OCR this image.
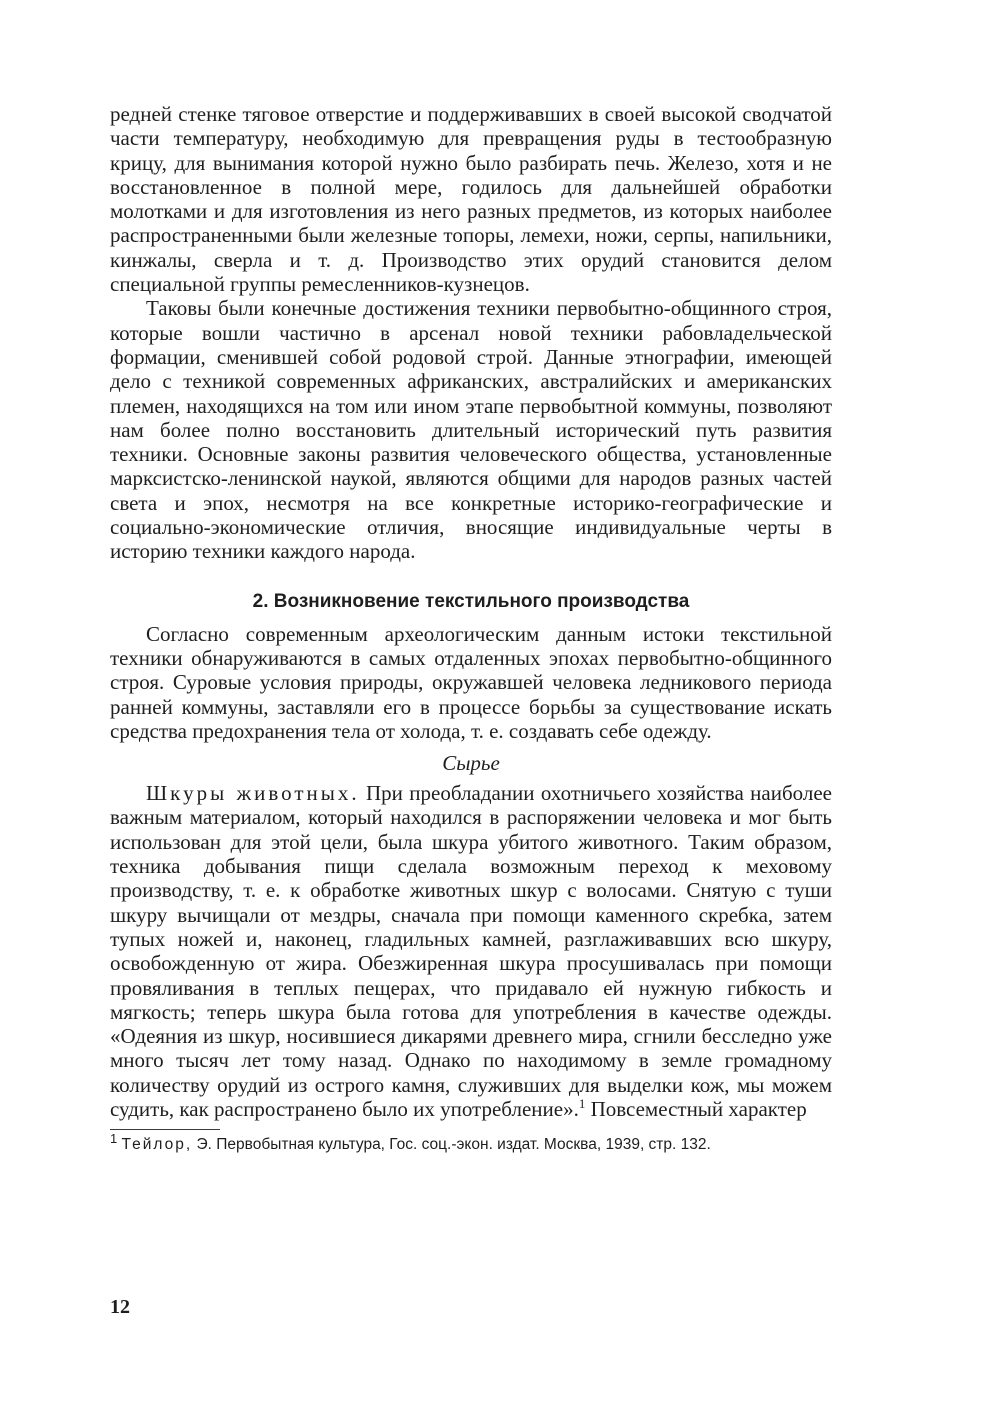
редней стенке тяговое отверстие и поддерживавших в своей высокой сводчатой части температуру, необходимую для превращения руды в тестообразную крицу, для вынимания которой нужно было разбирать печь. Железо, хотя и не восстановленное в полной мере, годилось для дальнейшей обработки молотками и для изготовления из него разных предметов, из которых наиболее распространенными были железные топоры, лемехи, ножи, серпы, напильники, кинжалы, сверла и т. д. Производство этих орудий становится делом специальной группы ремесленников-кузнецов.

Таковы были конечные достижения техники первобытно-общинного строя, которые вошли частично в арсенал новой техники рабовладельческой формации, сменившей собой родовой строй. Данные этнографии, имеющей дело с техникой современных африканских, австралийских и американских племен, находящихся на том или ином этапе первобытной коммуны, позволяют нам более полно восстановить длительный исторический путь развития техники. Основные законы развития человеческого общества, установленные марксистско-ленинской наукой, являются общими для народов разных частей света и эпох, несмотря на все конкретные историко-географические и социально-экономические отличия, вносящие индивидуальные черты в историю техники каждого народа.

2. Возникновение текстильного производства

Согласно современным археологическим данным истоки текстильной техники обнаруживаются в самых отдаленных эпохах первобытно-общинного строя. Суровые условия природы, окружавшей человека ледникового периода ранней коммуны, заставляли его в процессе борьбы за существование искать средства предохранения тела от холода, т. е. создавать себе одежду.

Сырье

Шкуры животных. При преобладании охотничьего хозяйства наиболее важным материалом, который находился в распоряжении человека и мог быть использован для этой цели, была шкура убитого животного. Таким образом, техника добывания пищи сделала возможным переход к меховому производству, т. е. к обработке животных шкур с волосами. Снятую с туши шкуру вычищали от мездры, сначала при помощи каменного скребка, затем тупых ножей и, наконец, гладильных камней, разглаживавших всю шкуру, освобожденную от жира. Обезжиренная шкура просушивалась при помощи провяливания в теплых пещерах, что придавало ей нужную гибкость и мягкость; теперь шкура была готова для употребления в качестве одежды. «Одеяния из шкур, носившиеся дикарями древнего мира, сгнили бесследно уже много тысяч лет тому назад. Однако по находимому в земле громадному количеству орудий из острого камня, служивших для выделки кож, мы можем судить, как распространено было их употребление».$^1$ Повсеместный характер

$^1$ Тейлор, Э. Первобытная культура, Гос. соц.-экон. издат. Москва, 1939, стр. 132.

12
